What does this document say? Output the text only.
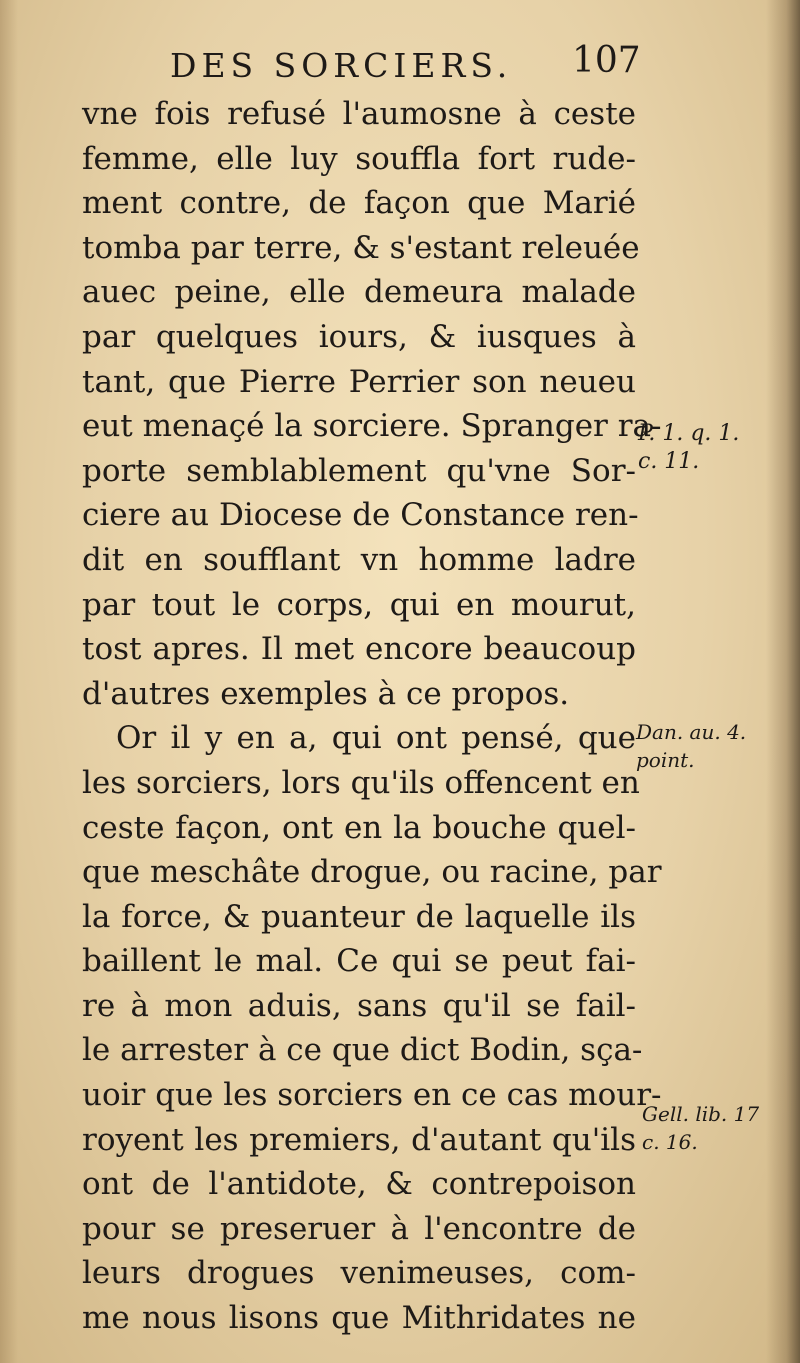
DES SORCIERS. 107
vne fois refusé l'aumosne à ceste
femme, elle luy souffla fort rude-
ment contre, de façon que Marié
tomba par terre, & s'estant releuée
auec peine, elle demeura malade
par quelques iours, & iusques à
tant, que Pierre Perrier son neueu
eut menaçé la sorciere. Spranger ra-
porte semblablement qu'vne Sor-
ciere au Diocese de Constance ren-
dit en soufflant vn homme ladre
par tout le corps, qui en mourut,
tost apres. Il met encore beaucoup
d'autres exemples à ce propos.
Or il y en a, qui ont pensé, que
les sorciers, lors qu'ils offencent en
ceste façon, ont en la bouche quel-
que meschâte drogue, ou racine, par
la force, & puanteur de laquelle ils
baillent le mal. Ce qui se peut fai-
re à mon aduis, sans qu'il se fail-
le arrester à ce que dict Bodin, sça-
uoir que les sorciers en ce cas mour-
royent les premiers, d'autant qu'ils
ont de l'antidote, & contrepoison
pour se preseruer à l'encontre de
leurs drogues venimeuses, com-
me nous lisons que Mithridates ne
P. 1. q. 1.
c. 11.
Dan. au. 4.
point.
Gell. lib. 17
c. 16.
